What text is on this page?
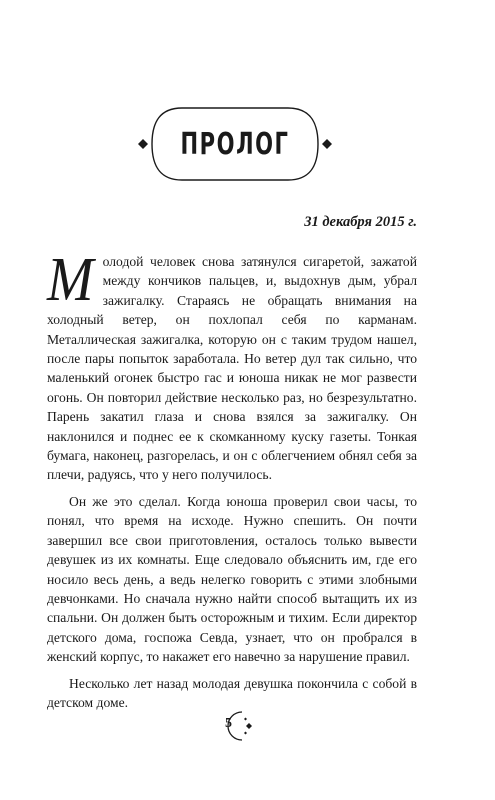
ПРОЛОГ
31 декабря 2015 г.

Молодой человек снова затянулся сигаретой, зажатой между кончиков пальцев, и, выдохнув дым, убрал зажигалку. Стараясь не обращать внимания на холодный ветер, он похлопал себя по карманам. Металлическая зажигалка, которую он с таким трудом нашел, после пары попыток заработала. Но ветер дул так сильно, что маленький огонек быстро гас и юноша никак не мог развести огонь. Он повторил действие несколько раз, но безрезультатно. Парень закатил глаза и снова взялся за зажигалку. Он наклонился и поднес ее к скомканному куску газеты. Тонкая бумага, наконец, разгорелась, и он с облегчением обнял себя за плечи, радуясь, что у него получилось.

Он же это сделал. Когда юноша проверил свои часы, то понял, что время на исходе. Нужно спешить. Он почти завершил все свои приготовления, осталось только вывести девушек из их комнаты. Еще следовало объяснить им, где его носило весь день, а ведь нелегко говорить с этими злобными девчонками. Но сначала нужно найти способ вытащить их из спальни. Он должен быть осторожным и тихим. Если директор детского дома, госпожа Севда, узнает, что он пробрался в женский корпус, то накажет его навечно за нарушение правил.

Несколько лет назад молодая девушка покончила с собой в детском доме.

5
